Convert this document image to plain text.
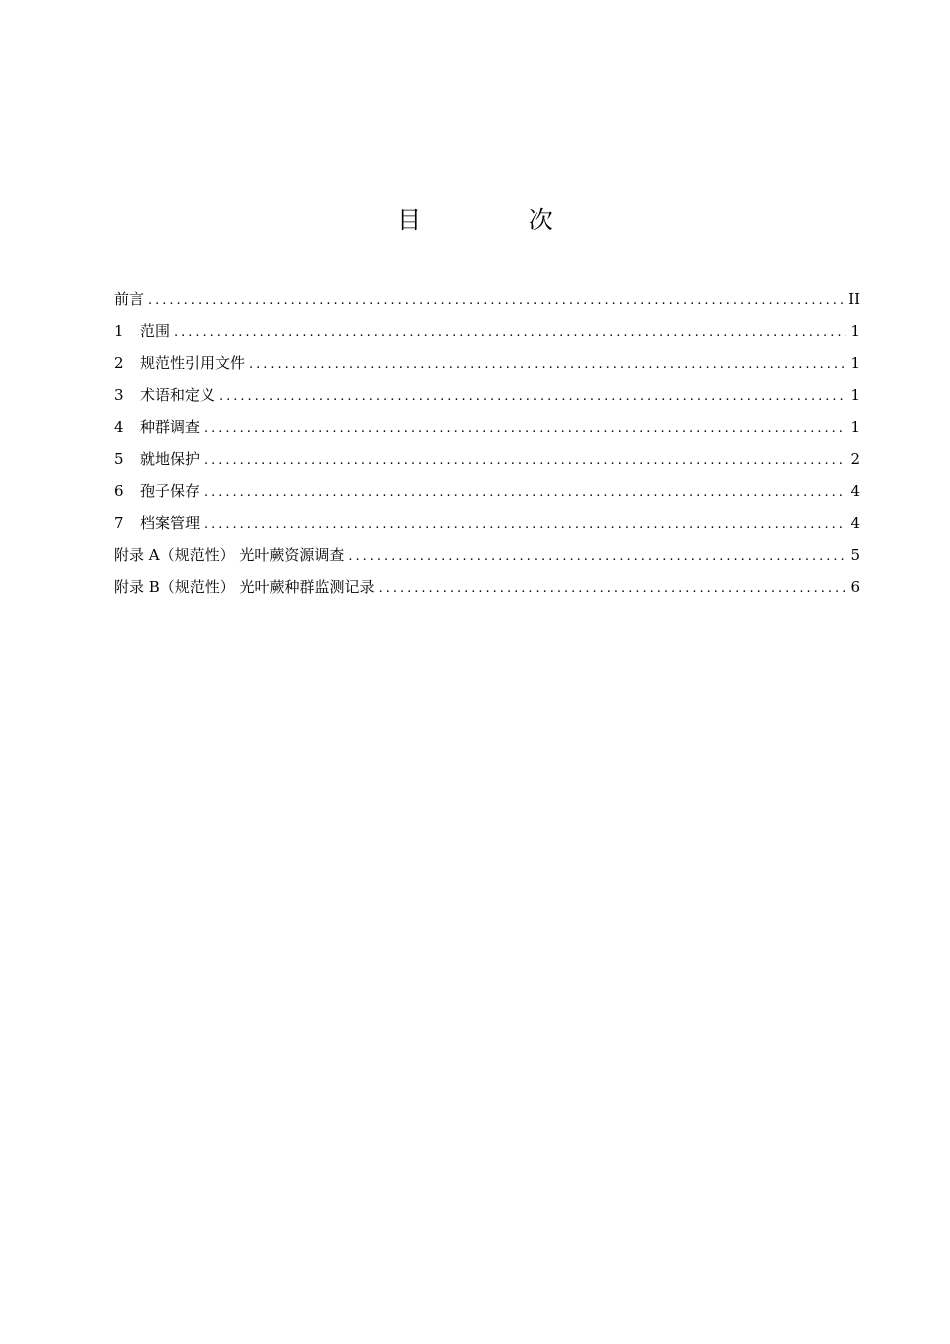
目 次
前言 .....	II
1	范围 .....	1
2	规范性引用文件 .....	1
3	术语和定义 .....	1
4	种群调查 .....	1
5	就地保护 .....	2
6	孢子保存 .....	4
7	档案管理 .....	4
附录 A（规范性） 光叶蕨资源调查 .....	5
附录 B（规范性） 光叶蕨种群监测记录 .....	6
